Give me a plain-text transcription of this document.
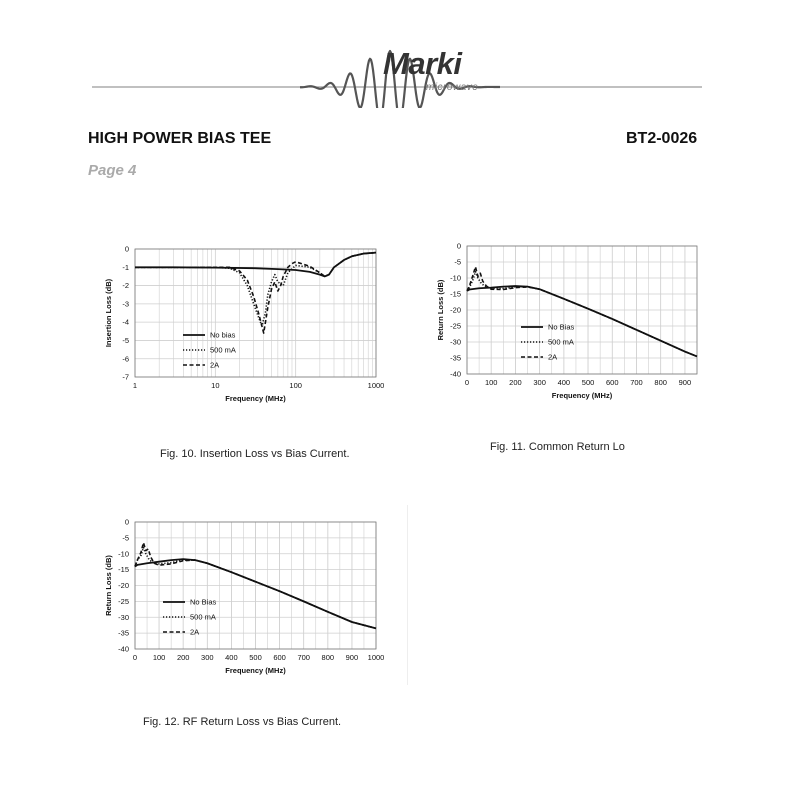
Marki
microwave
HIGH POWER BIAS TEE	BT2-0026
Page 4
1	10	100	1000
0
-1
-2
-3
-4
-5
-6
-7
Frequency (MHz)
Insertion Loss (dB)	No bias
500 mA
2A
0 100 200 300 400 500 600 700 800 900
0
-5
-10
-15
-20
-25
-30
-35
-40
Frequency (MHz)
Return Loss (dB)	No Bias
500 mA
2A
0 100 200 300 400 500 600 700 800 900 1000
0
-5
-10
-15
-20
-25
-30
-35
-40
Frequency (MHz)
Return Loss (dB)	No Bias
500 mA
2A
Fig. 10. Insertion Loss vs Bias Current.
Fig. 11. Common Return Lo
Fig. 12. RF Return Loss vs Bias Current.
